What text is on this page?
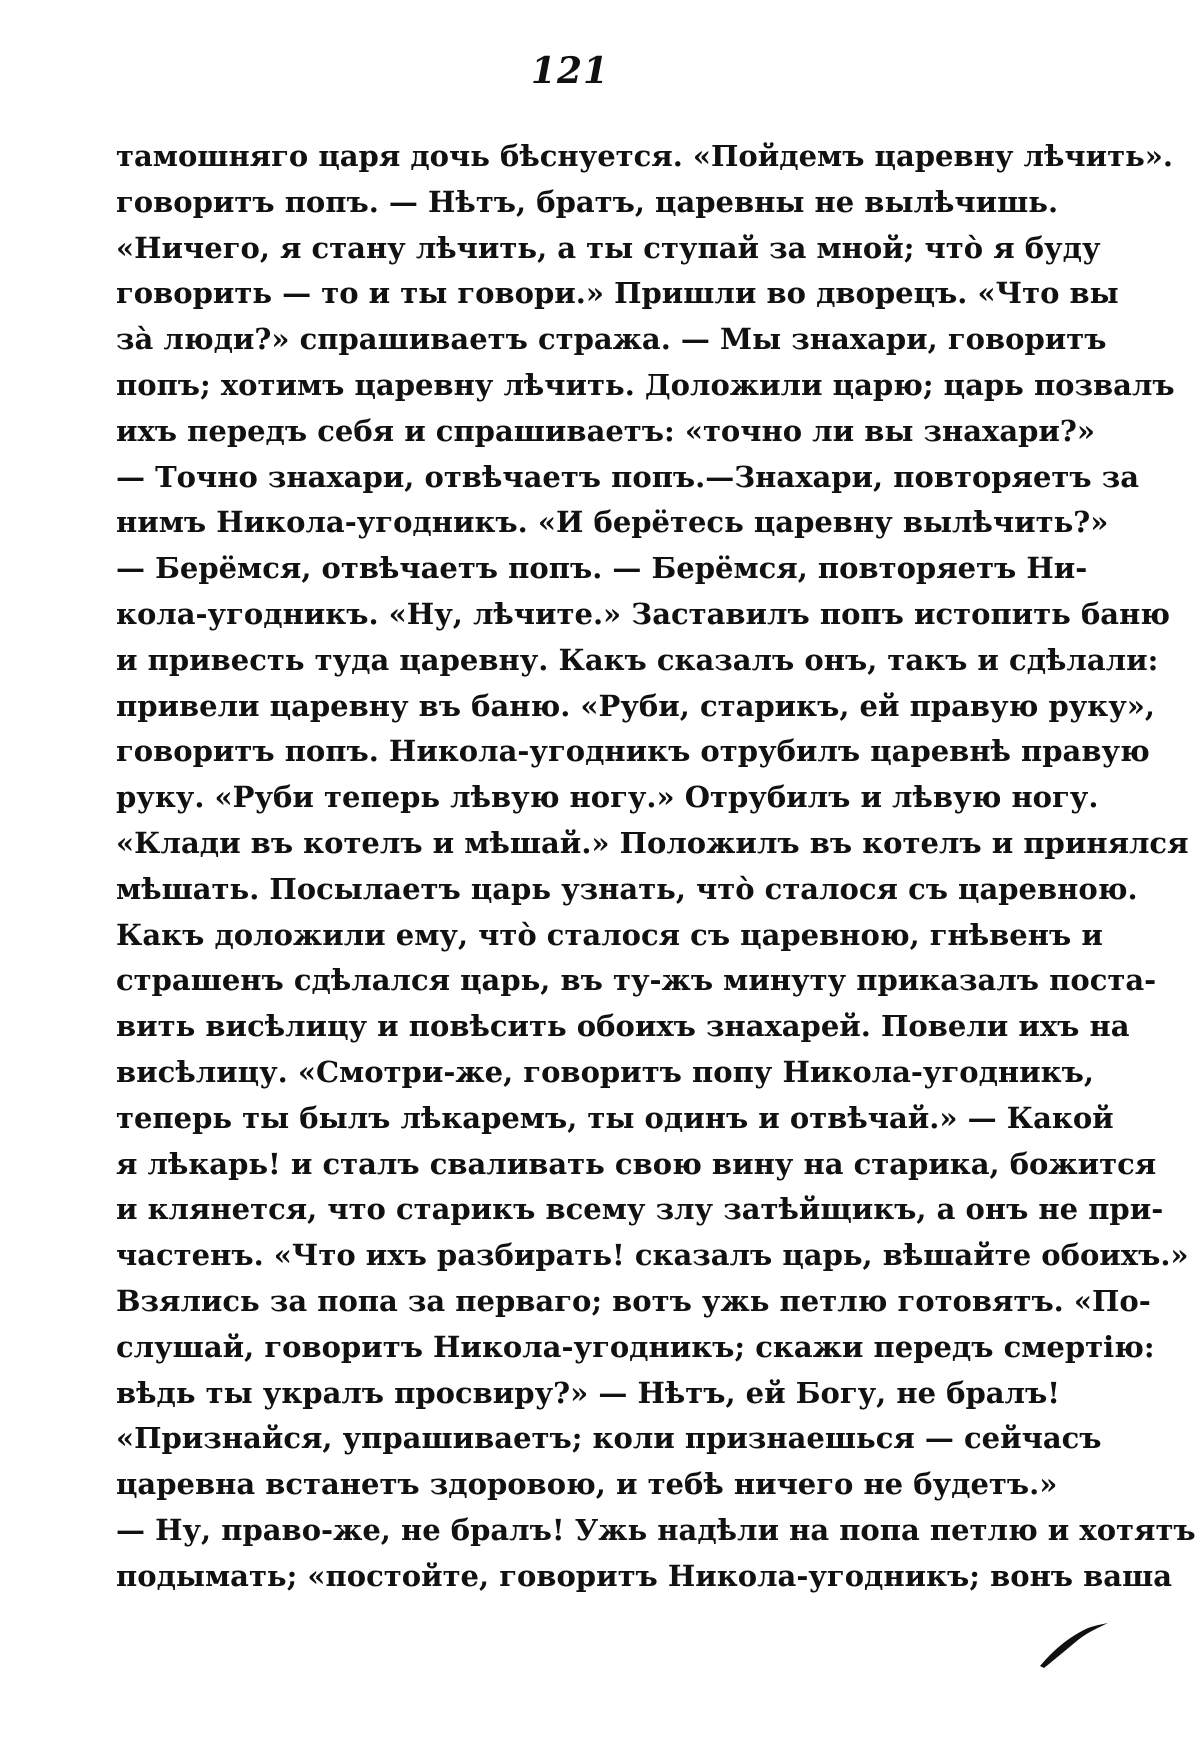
121
тамошняго царя дочь бѣснуется. «Пойдемъ царевну лѣчить».
говоритъ попъ. — Нѣтъ, братъ, царевны не вылѣчишь.
«Ничего, я стану лѣчить, а ты ступай за мной; что̀ я буду
говорить — то и ты говори.» Пришли во дворецъ. «Что вы
за̀ люди?» спрашиваетъ стража. — Мы знахари, говоритъ
попъ; хотимъ царевну лѣчить. Доложили царю; царь позвалъ
ихъ передъ себя и спрашиваетъ: «точно ли вы знахари?»
— Точно знахари, отвѣчаетъ попъ.—Знахари, повторяетъ за
нимъ Никола-угодникъ. «И берётесь царевну вылѣчить?»
— Берёмся, отвѣчаетъ попъ. — Берёмся, повторяетъ Ни-
кола-угодникъ. «Ну, лѣчите.» Заставилъ попъ истопить баню
и привесть туда царевну. Какъ сказалъ онъ, такъ и сдѣлали:
привели царевну въ баню. «Руби, старикъ, ей правую руку»,
говоритъ попъ. Никола-угодникъ отрубилъ царевнѣ правую
руку. «Руби теперь лѣвую ногу.» Отрубилъ и лѣвую ногу.
«Клади въ котелъ и мѣшай.» Положилъ въ котелъ и принялся
мѣшать. Посылаетъ царь узнать, что̀ сталося съ царевною.
Какъ доложили ему, что̀ сталося съ царевною, гнѣвенъ и
страшенъ сдѣлался царь, въ ту-жъ минуту приказалъ поста-
вить висѣлицу и повѣсить обоихъ знахарей. Повели ихъ на
висѣлицу. «Смотри-же, говоритъ попу Никола-угодникъ,
теперь ты былъ лѣкаремъ, ты одинъ и отвѣчай.» — Какой
я лѣкарь! и сталъ сваливать свою вину на старика, божится
и клянется, что старикъ всему злу затѣйщикъ, а онъ не при-
частенъ. «Что ихъ разбирать! сказалъ царь, вѣшайте обоихъ.»
Взялись за попа за перваго; вотъ ужь петлю готовятъ. «По-
слушай, говоритъ Никола-угодникъ; скажи передъ смертію:
вѣдь ты укралъ просвиру?» — Нѣтъ, ей Богу, не бралъ!
«Признайся, упрашиваетъ; коли признаешься — сейчасъ
царевна встанетъ здоровою, и тебѣ ничего не будетъ.»
— Ну, право-же, не бралъ! Ужь надѣли на попа петлю и хотятъ
подымать; «постойте, говоритъ Никола-угодникъ; вонъ ваша
